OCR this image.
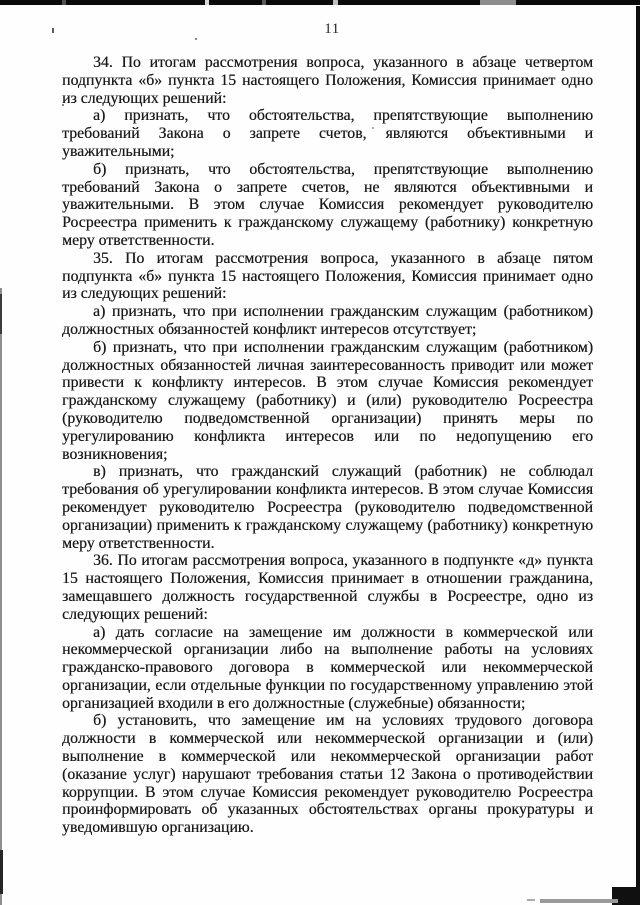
11

34. По итогам рассмотрения вопроса, указанного в абзаце четвертом подпункта «б» пункта 15 настоящего Положения, Комиссия принимает одно из следующих решений:

а) признать, что обстоятельства, препятствующие выполнению требований Закона о запрете счетов, являются объективными и уважительными;

б) признать, что обстоятельства, препятствующие выполнению требований Закона о запрете счетов, не являются объективными и уважительными. В этом случае Комиссия рекомендует руководителю Росреестра применить к гражданскому служащему (работнику) конкретную меру ответственности.

35. По итогам рассмотрения вопроса, указанного в абзаце пятом подпункта «б» пункта 15 настоящего Положения, Комиссия принимает одно из следующих решений:

а) признать, что при исполнении гражданским служащим (работником) должностных обязанностей конфликт интересов отсутствует;

б) признать, что при исполнении гражданским служащим (работником) должностных обязанностей личная заинтересованность приводит или может привести к конфликту интересов. В этом случае Комиссия рекомендует гражданскому служащему (работнику) и (или) руководителю Росреестра (руководителю подведомственной организации) принять меры по урегулированию конфликта интересов или по недопущению его возникновения;

в) признать, что гражданский служащий (работник) не соблюдал требования об урегулировании конфликта интересов. В этом случае Комиссия рекомендует руководителю Росреестра (руководителю подведомственной организации) применить к гражданскому служащему (работнику) конкретную меру ответственности.

36. По итогам рассмотрения вопроса, указанного в подпункте «д» пункта 15 настоящего Положения, Комиссия принимает в отношении гражданина, замещавшего должность государственной службы в Росреестре, одно из следующих решений:

а) дать согласие на замещение им должности в коммерческой или некоммерческой организации либо на выполнение работы на условиях гражданско-правового договора в коммерческой или некоммерческой организации, если отдельные функции по государственному управлению этой организацией входили в его должностные (служебные) обязанности;

б) установить, что замещение им на условиях трудового договора должности в коммерческой или некоммерческой организации и (или) выполнение в коммерческой или некоммерческой организации работ (оказание услуг) нарушают требования статьи 12 Закона о противодействии коррупции. В этом случае Комиссия рекомендует руководителю Росреестра проинформировать об указанных обстоятельствах органы прокуратуры и уведомившую организацию.
